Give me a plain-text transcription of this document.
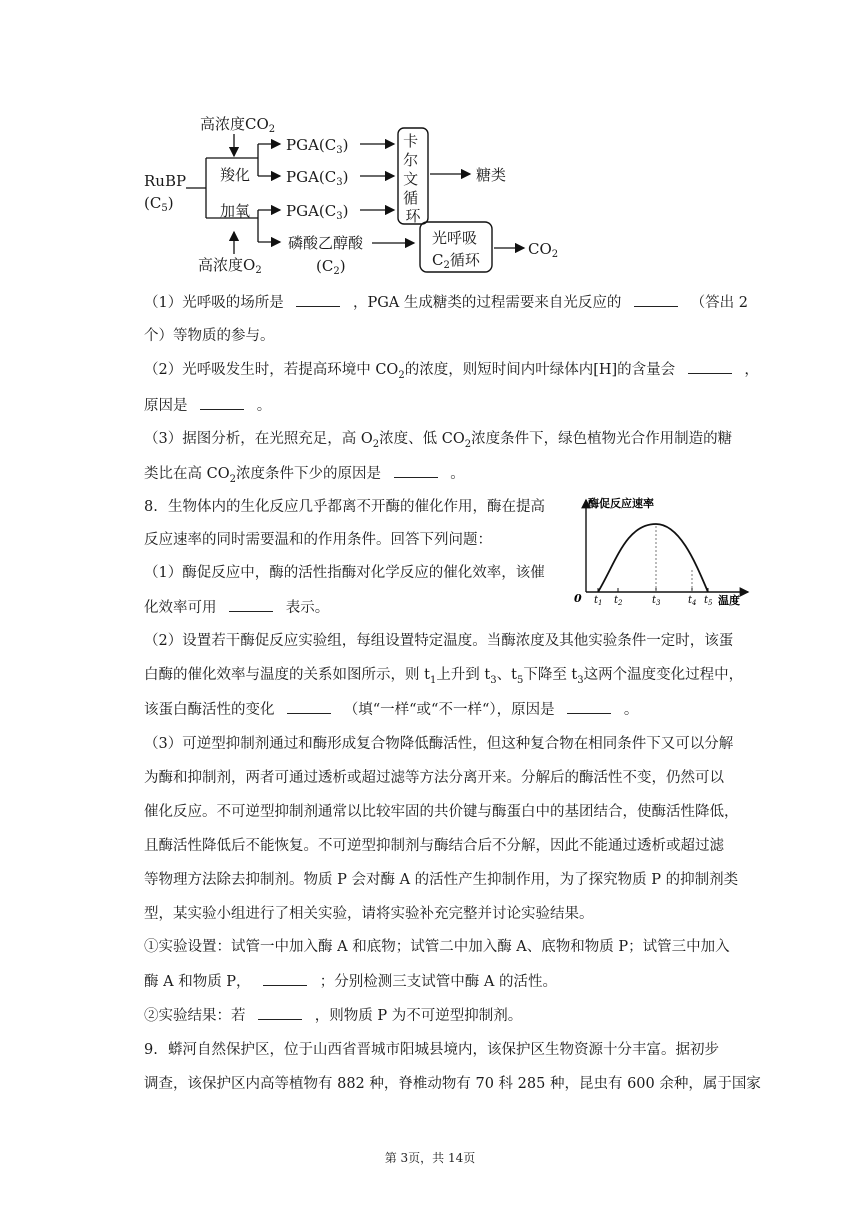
RuBP
$(C_5)$
高浓度$CO_2$
羧化
$PGA(C_3)$
$PGA(C_3)$
加氧 $PGA(C_3)$
高浓度$O_2$
磷酸乙醇酸
$(C_2)$
卡 尔 文 循 环
糖类
光呼吸
$C_2$循环
$CO_2$
（1）光呼吸的场所是	，PGA 生成糖类的过程需要来自光反应的	（答出 2
个）等物质的参与。
（2）光呼吸发生时，若提高环境中 $CO_2$的浓度，则短时间内叶绿体内[H]的含量会	，
原因是	。
（3）据图分析，在光照充足，高 $O_2$浓度、低 $CO_2$浓度条件下，绿色植物光合作用制造的糖
类比在高 $CO_2$浓度条件下少的原因是	。
8. 生物体内的生化反应几乎都离不开酶的催化作用，酶在提高
反应速率的同时需要温和的作用条件。回答下列问题：
（1）酶促反应中，酶的活性指酶对化学反应的催化效率，该催
化效率可用	表示。
酶促反应速率
0	温度
$t_1$ $t_2$	$t_3$	$t_4$ $t_5$
（2）设置若干酶促反应实验组，每组设置特定温度。当酶浓度及其他实验条件一定时，该蛋
白酶的催化效率与温度的关系如图所示，则 $t_1$上升到 $t_3$、$t_5$下降至 $t_3$这两个温度变化过程中，
该蛋白酶活性的变化	（填“一样“或“不一样“），原因是	。
（3）可逆型抑制剂通过和酶形成复合物降低酶活性，但这种复合物在相同条件下又可以分解
为酶和抑制剂，两者可通过透析或超过滤等方法分离开来。分解后的酶活性不变，仍然可以
催化反应。不可逆型抑制剂通常以比较牢固的共价键与酶蛋白中的基团结合，使酶活性降低，
且酶活性降低后不能恢复。不可逆型抑制剂与酶结合后不分解，因此不能通过透析或超过滤
等物理方法除去抑制剂。物质 P 会对酶 A 的活性产生抑制作用，为了探究物质 P 的抑制剂类
型，某实验小组进行了相关实验，请将实验补充完整并讨论实验结果。
①实验设置：试管一中加入酶 A 和底物；试管二中加入酶 A、底物和物质 P；试管三中加入
酶 A 和物质 P，	；分别检测三支试管中酶 A 的活性。
②实验结果：若	，则物质 P 为不可逆型抑制剂。
9. 蟒河自然保护区，位于山西省晋城市阳城县境内，该保护区生物资源十分丰富。据初步
调查，该保护区内高等植物有 882 种，脊椎动物有 70 科 285 种，昆虫有 600 余种，属于国家
第 3页，共 14页
